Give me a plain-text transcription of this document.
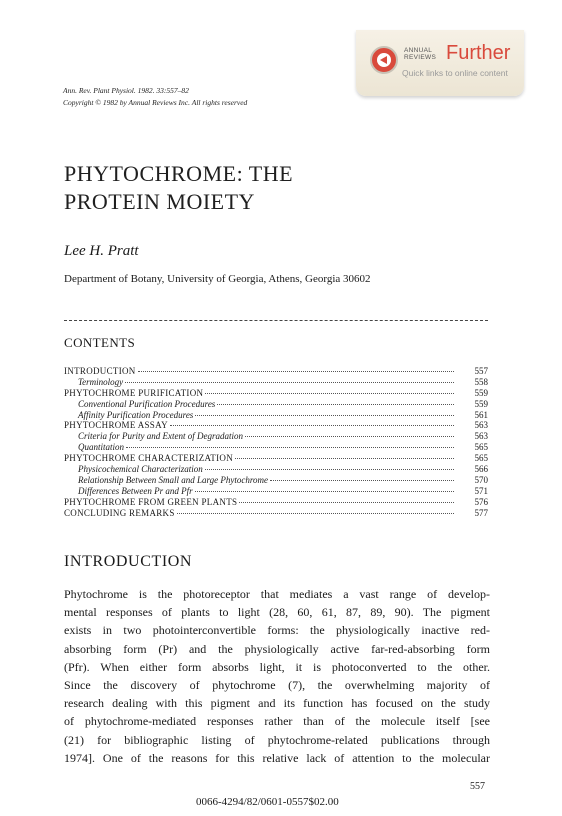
ANNUAL
REVIEWS Further
Quick links to online content
Ann. Rev. Plant Physiol. 1982. 33:557–82
Copyright © 1982 by Annual Reviews Inc. All rights reserved
PHYTOCHROME: THE
PROTEIN MOIETY
Lee H. Pratt
Department of Botany, University of Georgia, Athens, Georgia 30602
CONTENTS
INTRODUCTION	557
Terminology	558
PHYTOCHROME PURIFICATION	559
Conventional Purification Procedures	559
Affinity Purification Procedures	561
PHYTOCHROME ASSAY	563
Criteria for Purity and Extent of Degradation	563
Quantitation	565
PHYTOCHROME CHARACTERIZATION	565
Physicochemical Characterization	566
Relationship Between Small and Large Phytochrome	570
Differences Between Pr and Pfr	571
PHYTOCHROME FROM GREEN PLANTS	576
CONCLUDING REMARKS	577
INTRODUCTION
Phytochrome is the photoreceptor that mediates a vast range of develop-
mental responses of plants to light (28, 60, 61, 87, 89, 90). The pigment
exists in two photointerconvertible forms: the physiologically inactive red-
absorbing form (Pr) and the physiologically active far-red-absorbing form
(Pfr). When either form absorbs light, it is photoconverted to the other.
Since the discovery of phytochrome (7), the overwhelming majority of
research dealing with this pigment and its function has focused on the study
of phytochrome-mediated responses rather than of the molecule itself [see
(21) for bibliographic listing of phytochrome-related publications through
1974]. One of the reasons for this relative lack of attention to the molecular
557
0066-4294/82/0601-0557$02.00
